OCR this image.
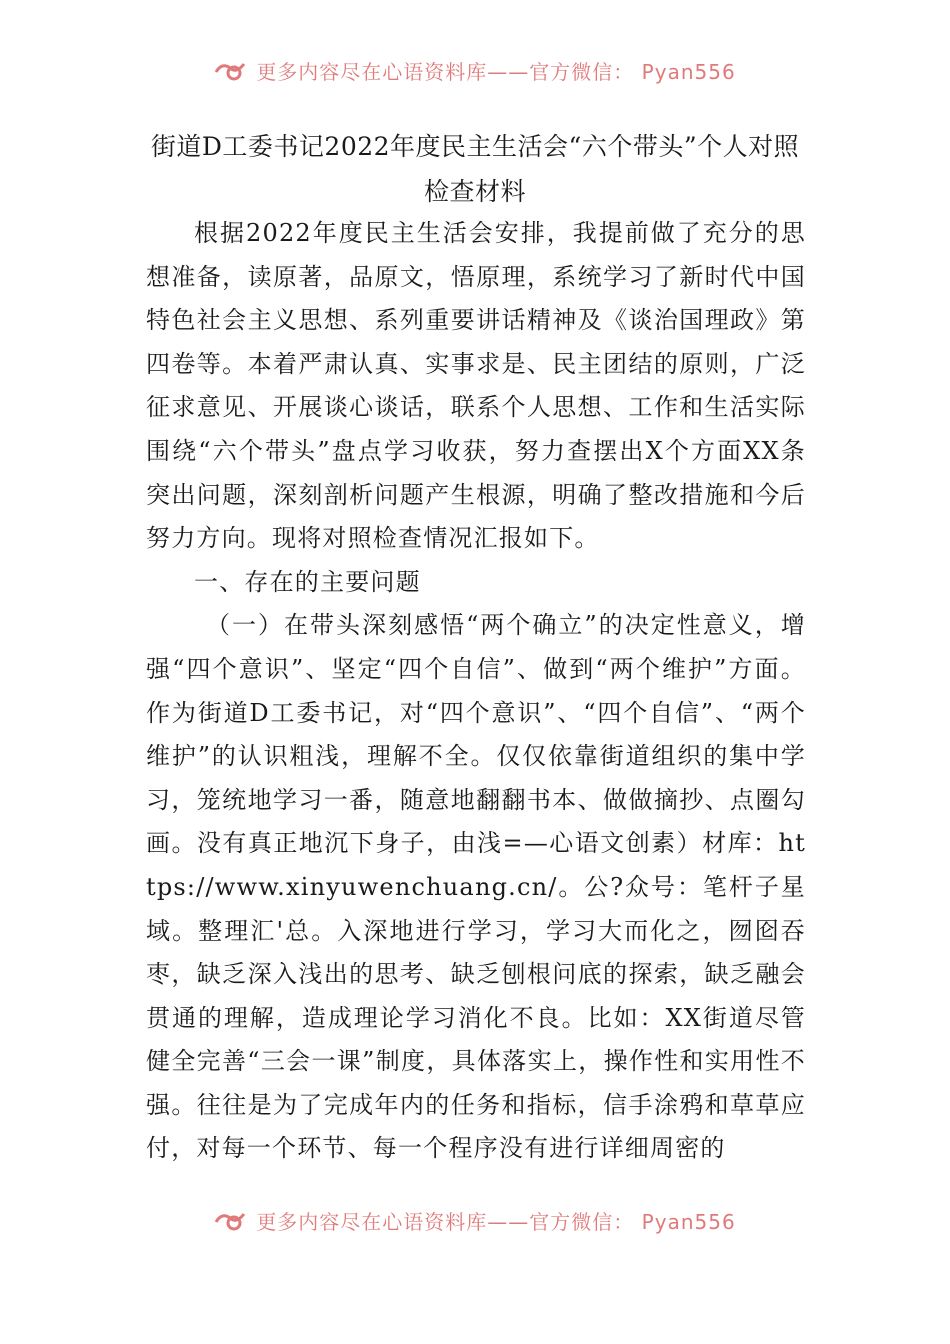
更多内容尽在心语资料库——官方微信： Pyan556
街道D工委书记2022年度民主生活会“六个带头”个人对照检查材料

根据2022年度民主生活会安排，我提前做了充分的思想准备，读原著，品原文，悟原理，系统学习了新时代中国特色社会主义思想、系列重要讲话精神及《谈治国理政》第四卷等。本着严肃认真、实事求是、民主团结的原则，广泛征求意见、开展谈心谈话，联系个人思想、工作和生活实际围绕“六个带头”盘点学习收获，努力查摆出X个方面XX条突出问题，深刻剖析问题产生根源，明确了整改措施和今后努力方向。现将对照检查情况汇报如下。

一、存在的主要问题

（一）在带头深刻感悟“两个确立”的决定性意义，增强“四个意识”、坚定“四个自信”、做到“两个维护”方面。作为街道D工委书记，对“四个意识”、“四个自信”、“两个维护”的认识粗浅，理解不全。仅仅依靠街道组织的集中学习，笼统地学习一番，随意地翻翻书本、做做摘抄、点圈勾画。没有真正地沉下身子，由浅=—心语文创素）材库：https://www.xinyuwenchuang.cn/。公?众号：笔杆子星域。整理汇'总。入深地进行学习，学习大而化之，囫囵吞枣，缺乏深入浅出的思考、缺乏刨根问底的探索，缺乏融会贯通的理解，造成理论学习消化不良。比如：XX街道尽管健全完善“三会一课”制度，具体落实上，操作性和实用性不强。往往是为了完成年内的任务和指标，信手涂鸦和草草应付，对每一个环节、每一个程序没有进行详细周密的

更多内容尽在心语资料库——官方微信： Pyan556
